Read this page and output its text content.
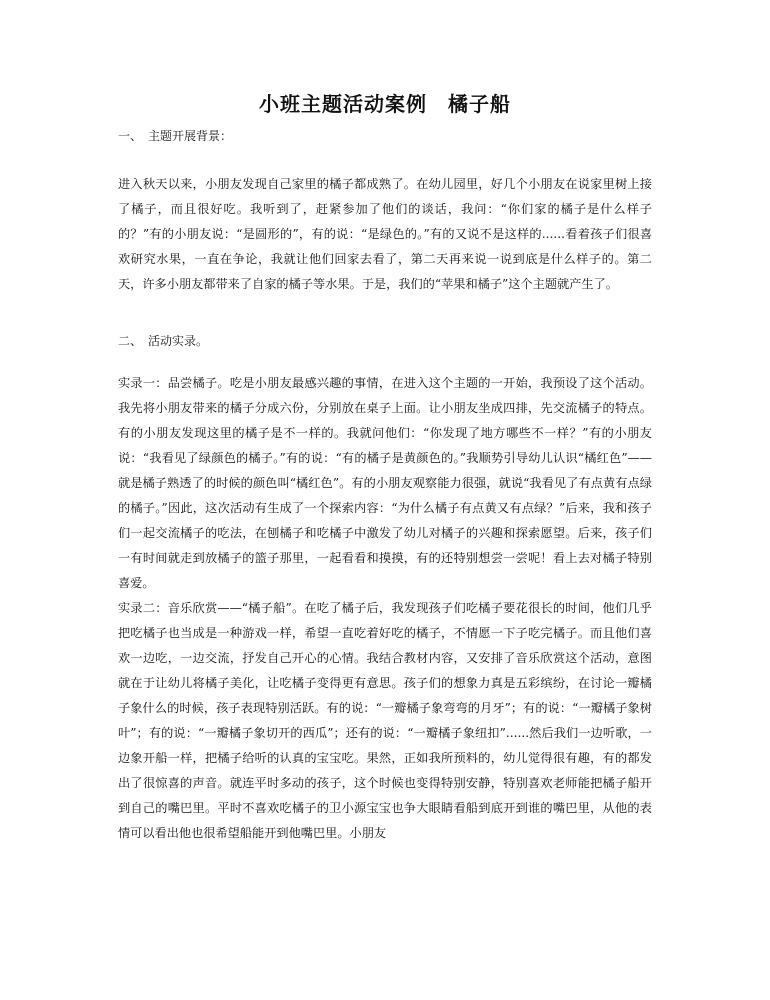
小班主题活动案例　橘子船
一、 主题开展背景：

进入秋天以来，小朋友发现自己家里的橘子都成熟了。在幼儿园里，好几个小朋友在说家里树上接了橘子，而且很好吃。我听到了，赶紧参加了他们的谈话，我问：“你们家的橘子是什么样子的？”有的小朋友说：“是圆形的”，有的说：“是绿色的。”有的又说不是这样的......看着孩子们很喜欢研究水果，一直在争论，我就让他们回家去看了，第二天再来说一说到底是什么样子的。第二天，许多小朋友都带来了自家的橘子等水果。于是，我们的“苹果和橘子”这个主题就产生了。

二、 活动实录。

实录一：品尝橘子。吃是小朋友最感兴趣的事情，在进入这个主题的一开始，我预设了这个活动。我先将小朋友带来的橘子分成六份，分别放在桌子上面。让小朋友坐成四排，先交流橘子的特点。有的小朋友发现这里的橘子是不一样的。我就问他们：“你发现了地方哪些不一样？”有的小朋友说：“我看见了绿颜色的橘子。”有的说：“有的橘子是黄颜色的。”我顺势引导幼儿认识“橘红色”——就是橘子熟透了的时候的颜色叫“橘红色”。有的小朋友观察能力很强，就说“我看见了有点黄有点绿的橘子。”因此，这次活动有生成了一个探索内容：“为什么橘子有点黄又有点绿？”后来，我和孩子们一起交流橘子的吃法，在刨橘子和吃橘子中激发了幼儿对橘子的兴趣和探索愿望。后来，孩子们一有时间就走到放橘子的篮子那里，一起看看和摸摸，有的还特别想尝一尝呢！看上去对橘子特别喜爱。

实录二：音乐欣赏——“橘子船”。在吃了橘子后，我发现孩子们吃橘子要花很长的时间，他们几乎把吃橘子也当成是一种游戏一样，希望一直吃着好吃的橘子，不情愿一下子吃完橘子。而且他们喜欢一边吃，一边交流，抒发自己开心的心情。我结合教材内容，又安排了音乐欣赏这个活动，意图就在于让幼儿将橘子美化，让吃橘子变得更有意思。孩子们的想象力真是五彩缤纷，在讨论一瓣橘子象什么的时候，孩子表现特别活跃。有的说：“一瓣橘子象弯弯的月牙”；有的说：“一瓣橘子象树叶”；有的说：“一瓣橘子象切开的西瓜”；还有的说：“一瓣橘子象纽扣”......然后我们一边听歌，一边象开船一样，把橘子给听的认真的宝宝吃。果然，正如我所预料的，幼儿觉得很有趣，有的都发出了很惊喜的声音。就连平时多动的孩子，这个时候也变得特别安静，特别喜欢老师能把橘子船开到自己的嘴巴里。平时不喜欢吃橘子的卫小源宝宝也争大眼睛看船到底开到谁的嘴巴里，从他的表情可以看出他也很希望船能开到他嘴巴里。小朋友
